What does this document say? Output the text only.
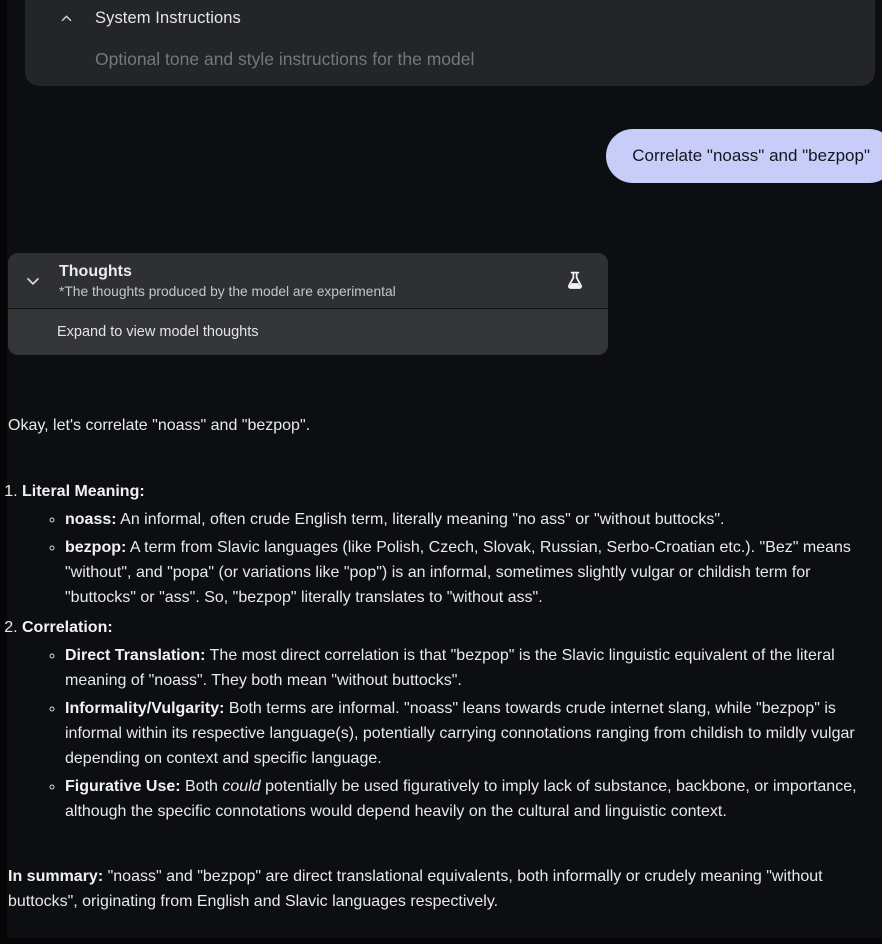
System Instructions
Optional tone and style instructions for the model
Correlate "noass" and "bezpop"
Thoughts
*The thoughts produced by the model are experimental
Expand to view model thoughts

Okay, let's correlate "noass" and "bezpop".

1. Literal Meaning:
◦ noass: An informal, often crude English term, literally meaning "no ass" or "without buttocks".
◦ bezpop: A term from Slavic languages (like Polish, Czech, Slovak, Russian, Serbo-Croatian etc.). "Bez" means "without", and "popa" (or variations like "pop") is an informal, sometimes slightly vulgar or childish term for "buttocks" or "ass". So, "bezpop" literally translates to "without ass".
2. Correlation:
◦ Direct Translation: The most direct correlation is that "bezpop" is the Slavic linguistic equivalent of the literal meaning of "noass". They both mean "without buttocks".
◦ Informality/Vulgarity: Both terms are informal. "noass" leans towards crude internet slang, while "bezpop" is informal within its respective language(s), potentially carrying connotations ranging from childish to mildly vulgar depending on context and specific language.
◦ Figurative Use: Both could potentially be used figuratively to imply lack of substance, backbone, or importance, although the specific connotations would depend heavily on the cultural and linguistic context.

In summary: "noass" and "bezpop" are direct translational equivalents, both informally or crudely meaning "without buttocks", originating from English and Slavic languages respectively.
